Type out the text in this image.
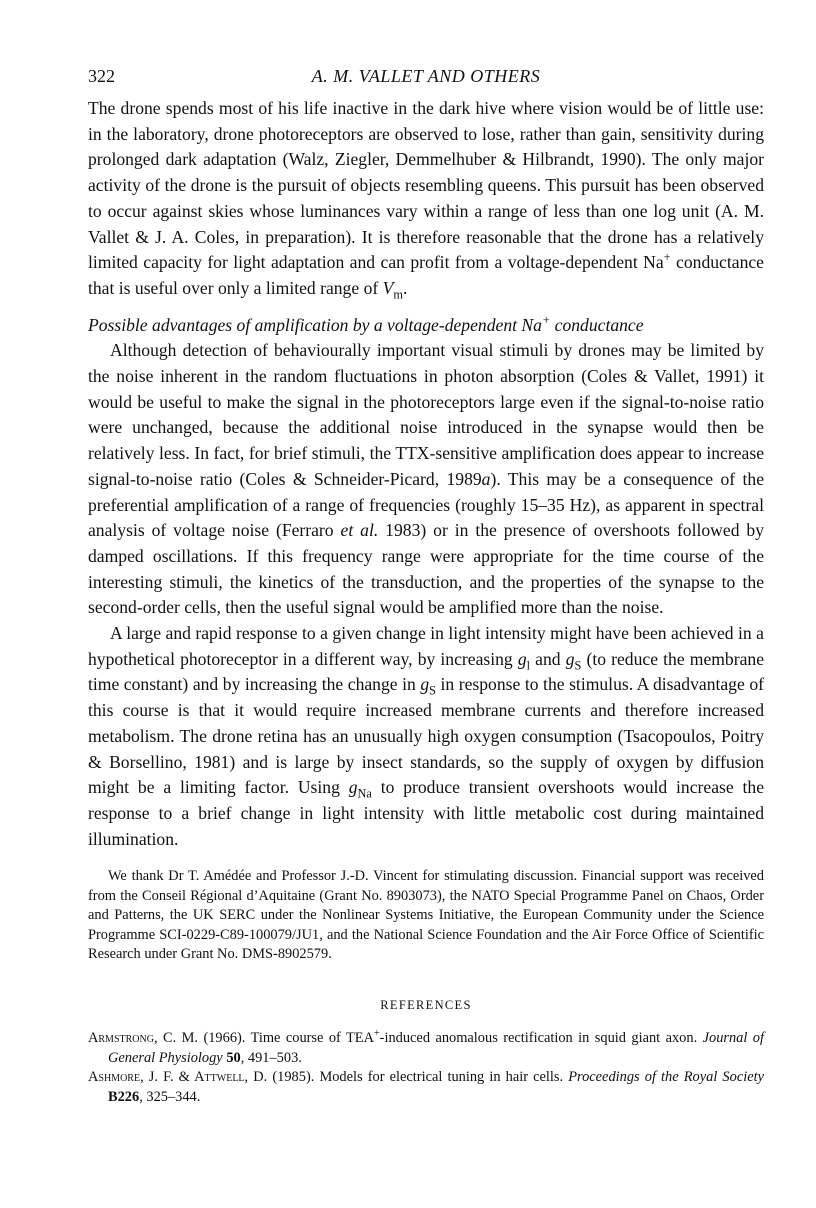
322	A. M. VALLET AND OTHERS

The drone spends most of his life inactive in the dark hive where vision would be of little use: in the laboratory, drone photoreceptors are observed to lose, rather than gain, sensitivity during prolonged dark adaptation (Walz, Ziegler, Demmelhuber & Hilbrandt, 1990). The only major activity of the drone is the pursuit of objects resembling queens. This pursuit has been observed to occur against skies whose luminances vary within a range of less than one log unit (A. M. Vallet & J. A. Coles, in preparation). It is therefore reasonable that the drone has a relatively limited capacity for light adaptation and can profit from a voltage-dependent Na+ conductance that is useful over only a limited range of $V_m$.

Possible advantages of amplification by a voltage-dependent Na+ conductance

Although detection of behaviourally important visual stimuli by drones may be limited by the noise inherent in the random fluctuations in photon absorption (Coles & Vallet, 1991) it would be useful to make the signal in the photoreceptors large even if the signal-to-noise ratio were unchanged, because the additional noise introduced in the synapse would then be relatively less. In fact, for brief stimuli, the TTX-sensitive amplification does appear to increase signal-to-noise ratio (Coles & Schneider-Picard, 1989a). This may be a consequence of the preferential amplification of a range of frequencies (roughly 15–35 Hz), as apparent in spectral analysis of voltage noise (Ferraro et al. 1983) or in the presence of overshoots followed by damped oscillations. If this frequency range were appropriate for the time course of the interesting stimuli, the kinetics of the transduction, and the properties of the synapse to the second-order cells, then the useful signal would be amplified more than the noise.

A large and rapid response to a given change in light intensity might have been achieved in a hypothetical photoreceptor in a different way, by increasing $g_l$ and $g_S$ (to reduce the membrane time constant) and by increasing the change in $g_S$ in response to the stimulus. A disadvantage of this course is that it would require increased membrane currents and therefore increased metabolism. The drone retina has an unusually high oxygen consumption (Tsacopoulos, Poitry & Borsellino, 1981) and is large by insect standards, so the supply of oxygen by diffusion might be a limiting factor. Using $g_{Na}$ to produce transient overshoots would increase the response to a brief change in light intensity with little metabolic cost during maintained illumination.

We thank Dr T. Amédée and Professor J.-D. Vincent for stimulating discussion. Financial support was received from the Conseil Régional d’Aquitaine (Grant No. 8903073), the NATO Special Programme Panel on Chaos, Order and Patterns, the UK SERC under the Nonlinear Systems Initiative, the European Community under the Science Programme SCI-0229-C89-100079/JU1, and the National Science Foundation and the Air Force Office of Scientific Research under Grant No. DMS-8902579.
REFERENCES
Armstrong, C. M. (1966). Time course of TEA+-induced anomalous rectification in squid giant axon. Journal of General Physiology 50, 491–503.
Ashmore, J. F. & Attwell, D. (1985). Models for electrical tuning in hair cells. Proceedings of the Royal Society B226, 325–344.
